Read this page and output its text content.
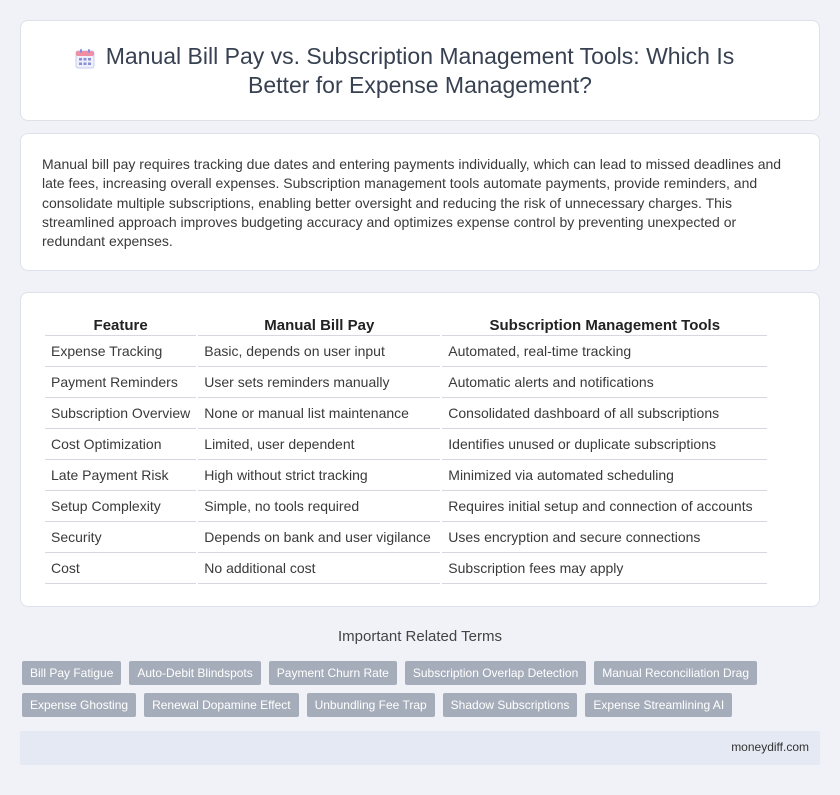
Manual Bill Pay vs. Subscription Management Tools: Which Is Better for Expense Management?

Manual bill pay requires tracking due dates and entering payments individually, which can lead to missed deadlines and late fees, increasing overall expenses. Subscription management tools automate payments, provide reminders, and consolidate multiple subscriptions, enabling better oversight and reducing the risk of unnecessary charges. This streamlined approach improves budgeting accuracy and optimizes expense control by preventing unexpected or redundant expenses.

Feature	Manual Bill Pay	Subscription Management Tools
Expense Tracking	Basic, depends on user input	Automated, real-time tracking
Payment Reminders	User sets reminders manually	Automatic alerts and notifications
Subscription Overview	None or manual list maintenance	Consolidated dashboard of all subscriptions
Cost Optimization	Limited, user dependent	Identifies unused or duplicate subscriptions
Late Payment Risk	High without strict tracking	Minimized via automated scheduling
Setup Complexity	Simple, no tools required	Requires initial setup and connection of accounts
Security	Depends on bank and user vigilance	Uses encryption and secure connections
Cost	No additional cost	Subscription fees may apply
Important Related Terms
Bill Pay Fatigue	Auto-Debit Blindspots	Payment Churn Rate	Subscription Overlap Detection	Manual Reconciliation Drag
Expense Ghosting	Renewal Dopamine Effect	Unbundling Fee Trap	Shadow Subscriptions	Expense Streamlining AI
moneydiff.com
